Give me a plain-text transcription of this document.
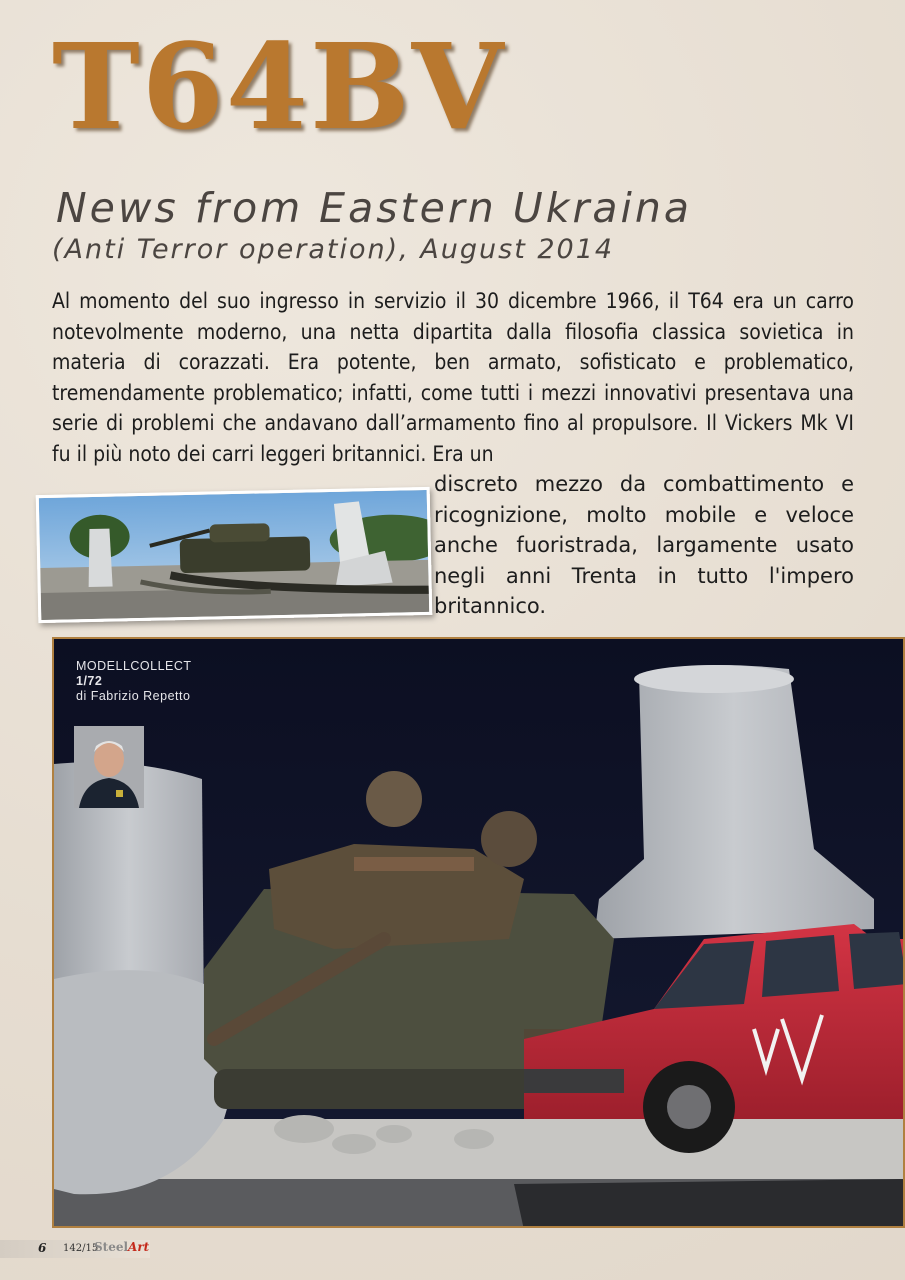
T64BV
News from Eastern Ukraina
(Anti Terror operation), August 2014

Al momento del suo ingresso in servizio il 30 dicembre 1966, il T64 era un carro notevolmente moderno, una netta dipartita dalla filosofia classica sovietica in materia di corazzati. Era potente, ben armato, sofisticato e problematico, tremendamente problematico; infatti, come tutti i mezzi innovativi presentava una serie di problemi che andavano dall’armamento fino al propulsore. Il Vickers Mk VI fu il più noto dei carri leggeri britannici. Era un

discreto mezzo da combattimento e ricognizione, molto mobile e veloce anche fuoristrada, largamente usato negli anni Trenta in tutto l'impero britannico.

MODELLCOLLECT
1/72
di Fabrizio Repetto
6 142/15
SteelArt
